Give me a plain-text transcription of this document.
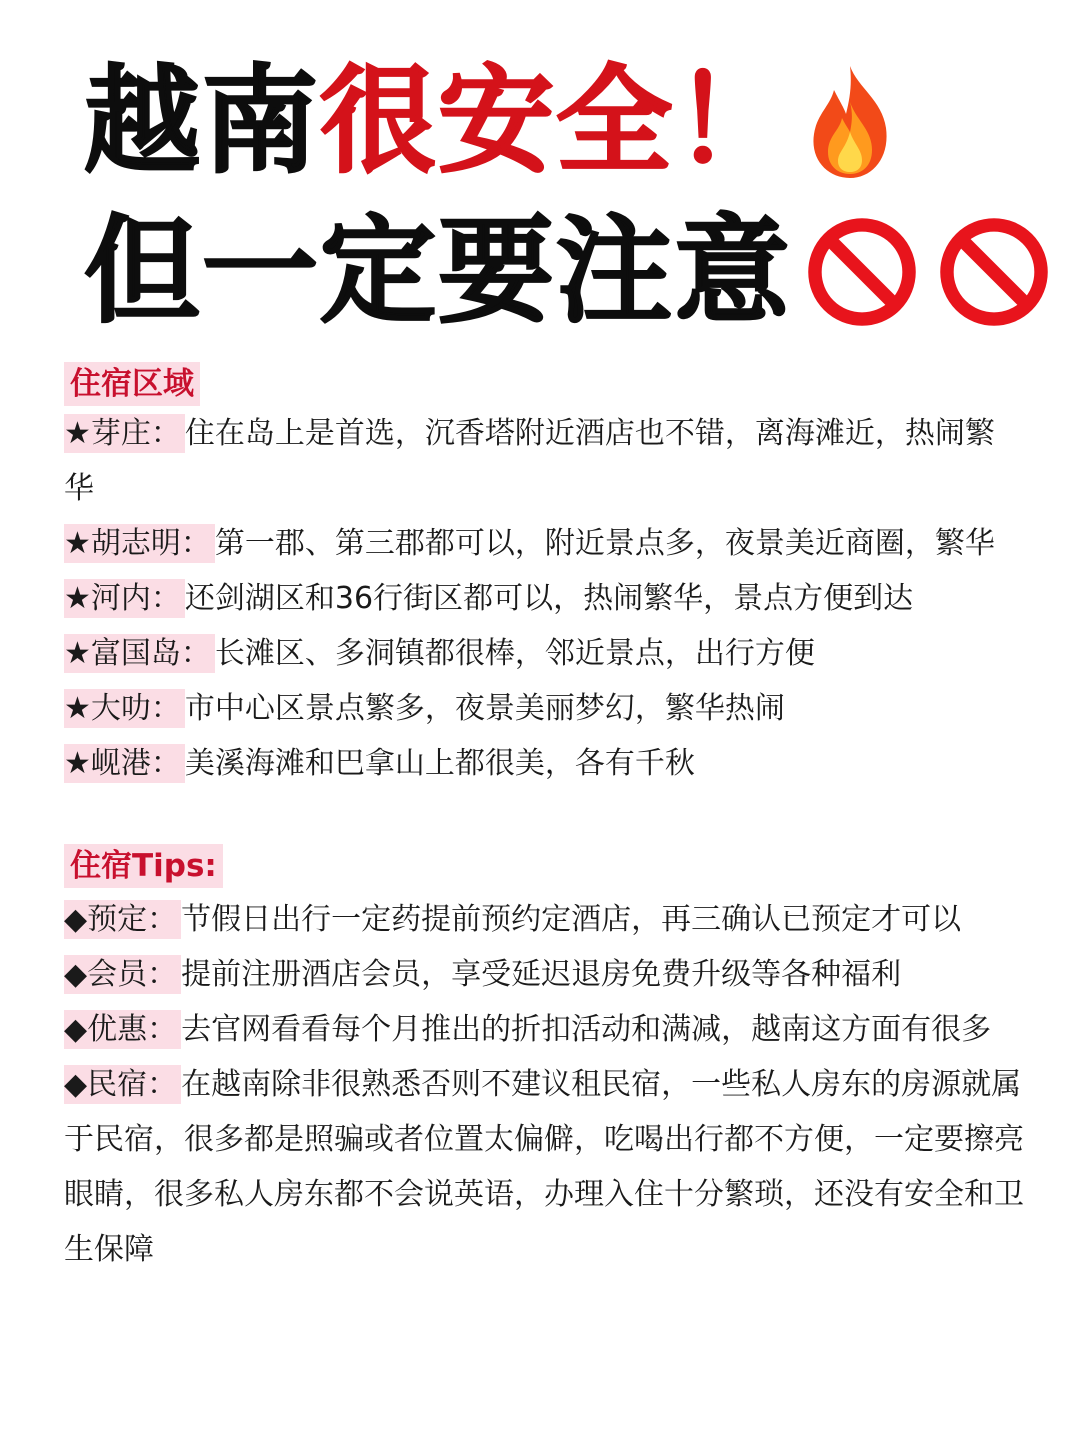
越南 很安全！
但一定要注意
住宿区域
★芽庄： 住在岛上是首选，沉香塔附近酒店也不错，离海滩近，热闹繁华
★胡志明： 第一郡、第三郡都可以，附近景点多，夜景美近商圈，繁华
★河内： 还剑湖区和36行街区都可以，热闹繁华，景点方便到达
★富国岛： 长滩区、多洞镇都很棒，邻近景点，出行方便
★大叻： 市中心区景点繁多，夜景美丽梦幻，繁华热闹
★岘港： 美溪海滩和巴拿山上都很美，各有千秋
住宿Tips:
◆预定： 节假日出行一定药提前预约定酒店，再三确认已预定才可以
◆会员： 提前注册酒店会员，享受延迟退房免费升级等各种福利
◆优惠： 去官网看看每个月推出的折扣活动和满减，越南这方面有很多
◆民宿： 在越南除非很熟悉否则不建议租民宿，一些私人房东的房源就属于民宿，很多都是照骗或者位置太偏僻，吃喝出行都不方便，一定要擦亮眼睛，很多私人房东都不会说英语，办理入住十分繁琐，还没有安全和卫生保障
